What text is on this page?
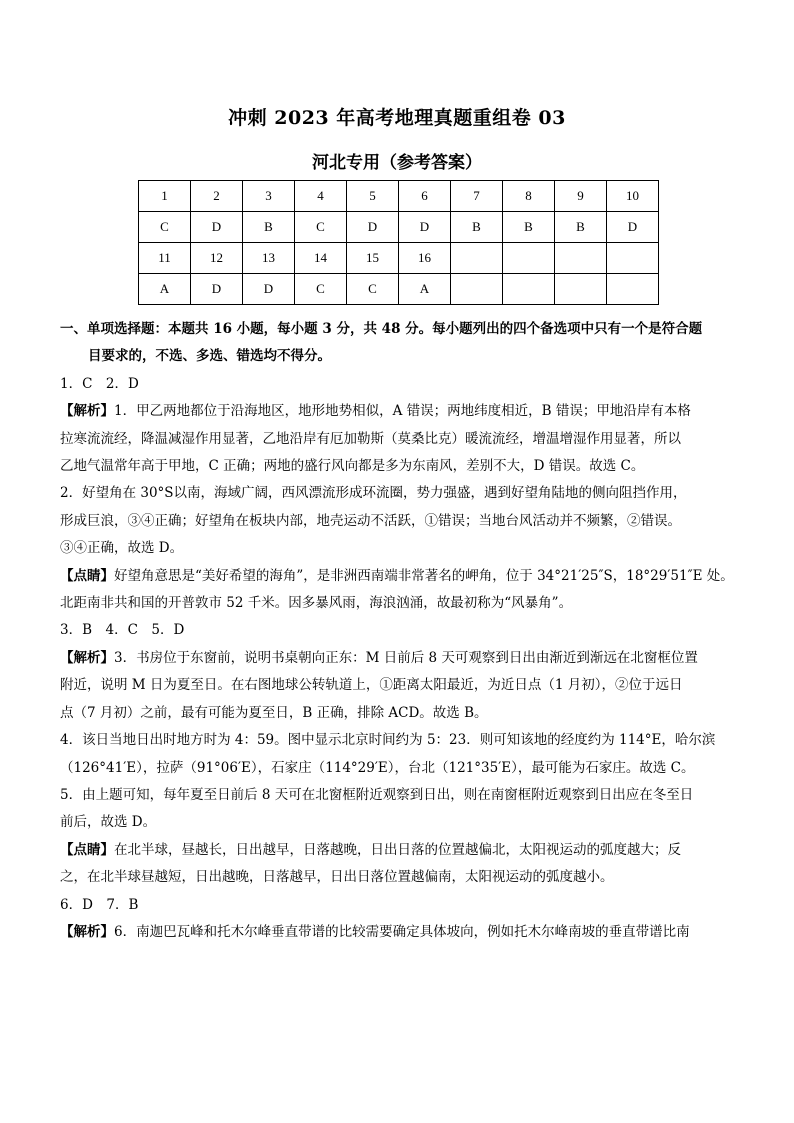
冲刺 2023 年高考地理真题重组卷 03
河北专用（参考答案）
1	2	3	4	5	6	7	8	9	10
C	D	B	C	D	D	B	B	B	D
11	12	13	14	15	16				
A	D	D	C	C	A				

一、单项选择题：本题共 16 小题，每小题 3 分，共 48 分。每小题列出的四个备选项中只有一个是符合题

目要求的，不选、多选、错选均不得分。

1．C　2．D

【解析】1．甲乙两地都位于沿海地区，地形地势相似，A 错误；两地纬度相近，B 错误；甲地沿岸有本格

拉寒流流经，降温减湿作用显著，乙地沿岸有厄加勒斯（莫桑比克）暖流流经，增温增湿作用显著，所以

乙地气温常年高于甲地，C 正确；两地的盛行风向都是多为东南风，差别不大，D 错误。故选 C。

2．好望角在 30°S以南，海域广阔，西风漂流形成环流圈，势力强盛，遇到好望角陆地的侧向阻挡作用，

形成巨浪，③④正确；好望角在板块内部，地壳运动不活跃，①错误；当地台风活动并不频繁，②错误。

③④正确，故选 D。

【点睛】好望角意思是“美好希望的海角”，是非洲西南端非常著名的岬角，位于 34°21′25″S，18°29′51″E 处。

北距南非共和国的开普敦市 52 千米。因多暴风雨，海浪汹涌，故最初称为“风暴角”。

3．B　4．C　5．D

【解析】3．书房位于东窗前，说明书桌朝向正东：M 日前后 8 天可观察到日出由渐近到渐远在北窗框位置

附近，说明 M 日为夏至日。在右图地球公转轨道上，①距离太阳最近，为近日点（1 月初），②位于远日

点（7 月初）之前，最有可能为夏至日，B 正确，排除 ACD。故选 B。

4．该日当地日出时地方时为 4：59。图中显示北京时间约为 5：23．则可知该地的经度约为 114°E，哈尔滨

（126°41′E），拉萨（91°06′E），石家庄（114°29′E），台北（121°35′E），最可能为石家庄。故选 C。

5．由上题可知，每年夏至日前后 8 天可在北窗框附近观察到日出，则在南窗框附近观察到日出应在冬至日

前后，故选 D。

【点睛】在北半球，昼越长，日出越早，日落越晚，日出日落的位置越偏北，太阳视运动的弧度越大；反

之，在北半球昼越短，日出越晚，日落越早，日出日落位置越偏南，太阳视运动的弧度越小。

6．D　7．B

【解析】6．南迦巴瓦峰和托木尔峰垂直带谱的比较需要确定具体坡向，例如托木尔峰南坡的垂直带谱比南
